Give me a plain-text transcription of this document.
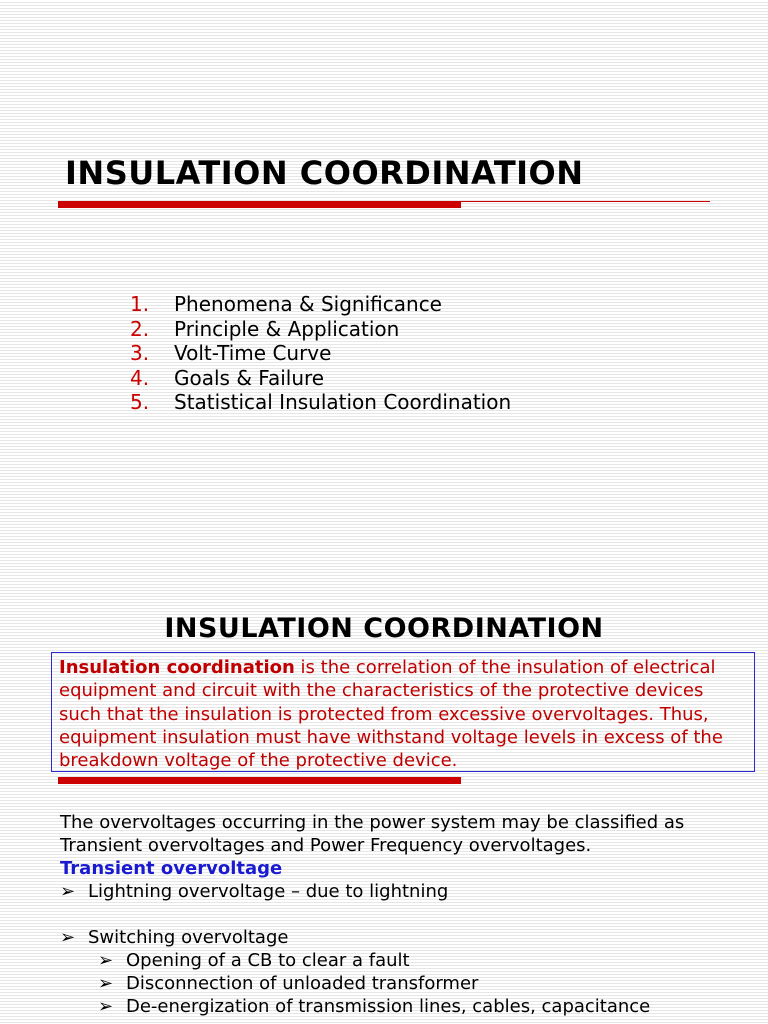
INSULATION COORDINATION
1. Phenomena & Significance
2. Principle & Application
3. Volt-Time Curve
4. Goals & Failure
5. Statistical Insulation Coordination
INSULATION COORDINATION
Insulation coordination is the correlation of the insulation of electrical equipment and circuit with the characteristics of the protective devices such that the insulation is protected from excessive overvoltages. Thus, equipment insulation must have withstand voltage levels in excess of the breakdown voltage of the protective device.
The overvoltages occurring in the power system may be classified as Transient overvoltages and Power Frequency overvoltages.
Transient overvoltage
➢ Lightning overvoltage – due to lightning
➢ Switching overvoltage
➢ Opening of a CB to clear a fault
➢ Disconnection of unloaded transformer
➢ De-energization of transmission lines, cables, capacitance
